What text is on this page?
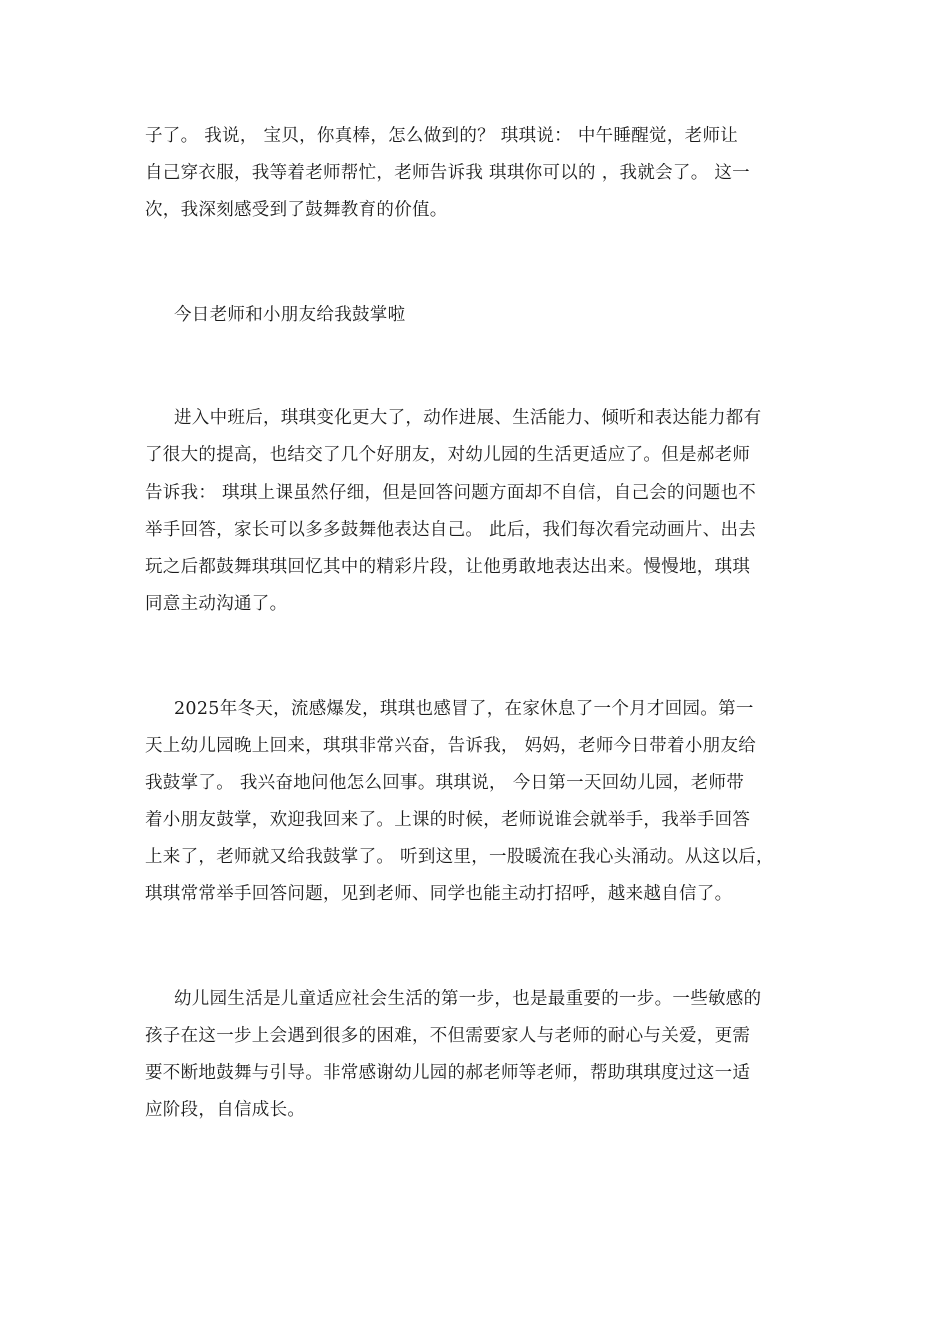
子了。 我说， 宝贝，你真棒，怎么做到的？ 琪琪说： 中午睡醒觉，老师让
自己穿衣服，我等着老师帮忙，老师告诉我 琪琪你可以的 ，我就会了。 这一
次，我深刻感受到了鼓舞教育的价值。
今日老师和小朋友给我鼓掌啦
进入中班后，琪琪变化更大了，动作进展、生活能力、倾听和表达能力都有
了很大的提高，也结交了几个好朋友，对幼儿园的生活更适应了。但是郝老师
告诉我： 琪琪上课虽然仔细，但是回答问题方面却不自信，自己会的问题也不
举手回答，家长可以多多鼓舞他表达自己。 此后，我们每次看完动画片、出去
玩之后都鼓舞琪琪回忆其中的精彩片段，让他勇敢地表达出来。慢慢地，琪琪
同意主动沟通了。
2025年冬天，流感爆发，琪琪也感冒了，在家休息了一个月才回园。第一
天上幼儿园晚上回来，琪琪非常兴奋，告诉我， 妈妈，老师今日带着小朋友给
我鼓掌了。 我兴奋地问他怎么回事。琪琪说， 今日第一天回幼儿园，老师带
着小朋友鼓掌，欢迎我回来了。上课的时候，老师说谁会就举手，我举手回答
上来了，老师就又给我鼓掌了。 听到这里，一股暖流在我心头涌动。从这以后，
琪琪常常举手回答问题，见到老师、同学也能主动打招呼，越来越自信了。
幼儿园生活是儿童适应社会生活的第一步，也是最重要的一步。一些敏感的
孩子在这一步上会遇到很多的困难，不但需要家人与老师的耐心与关爱，更需
要不断地鼓舞与引导。非常感谢幼儿园的郝老师等老师，帮助琪琪度过这一适
应阶段，自信成长。
